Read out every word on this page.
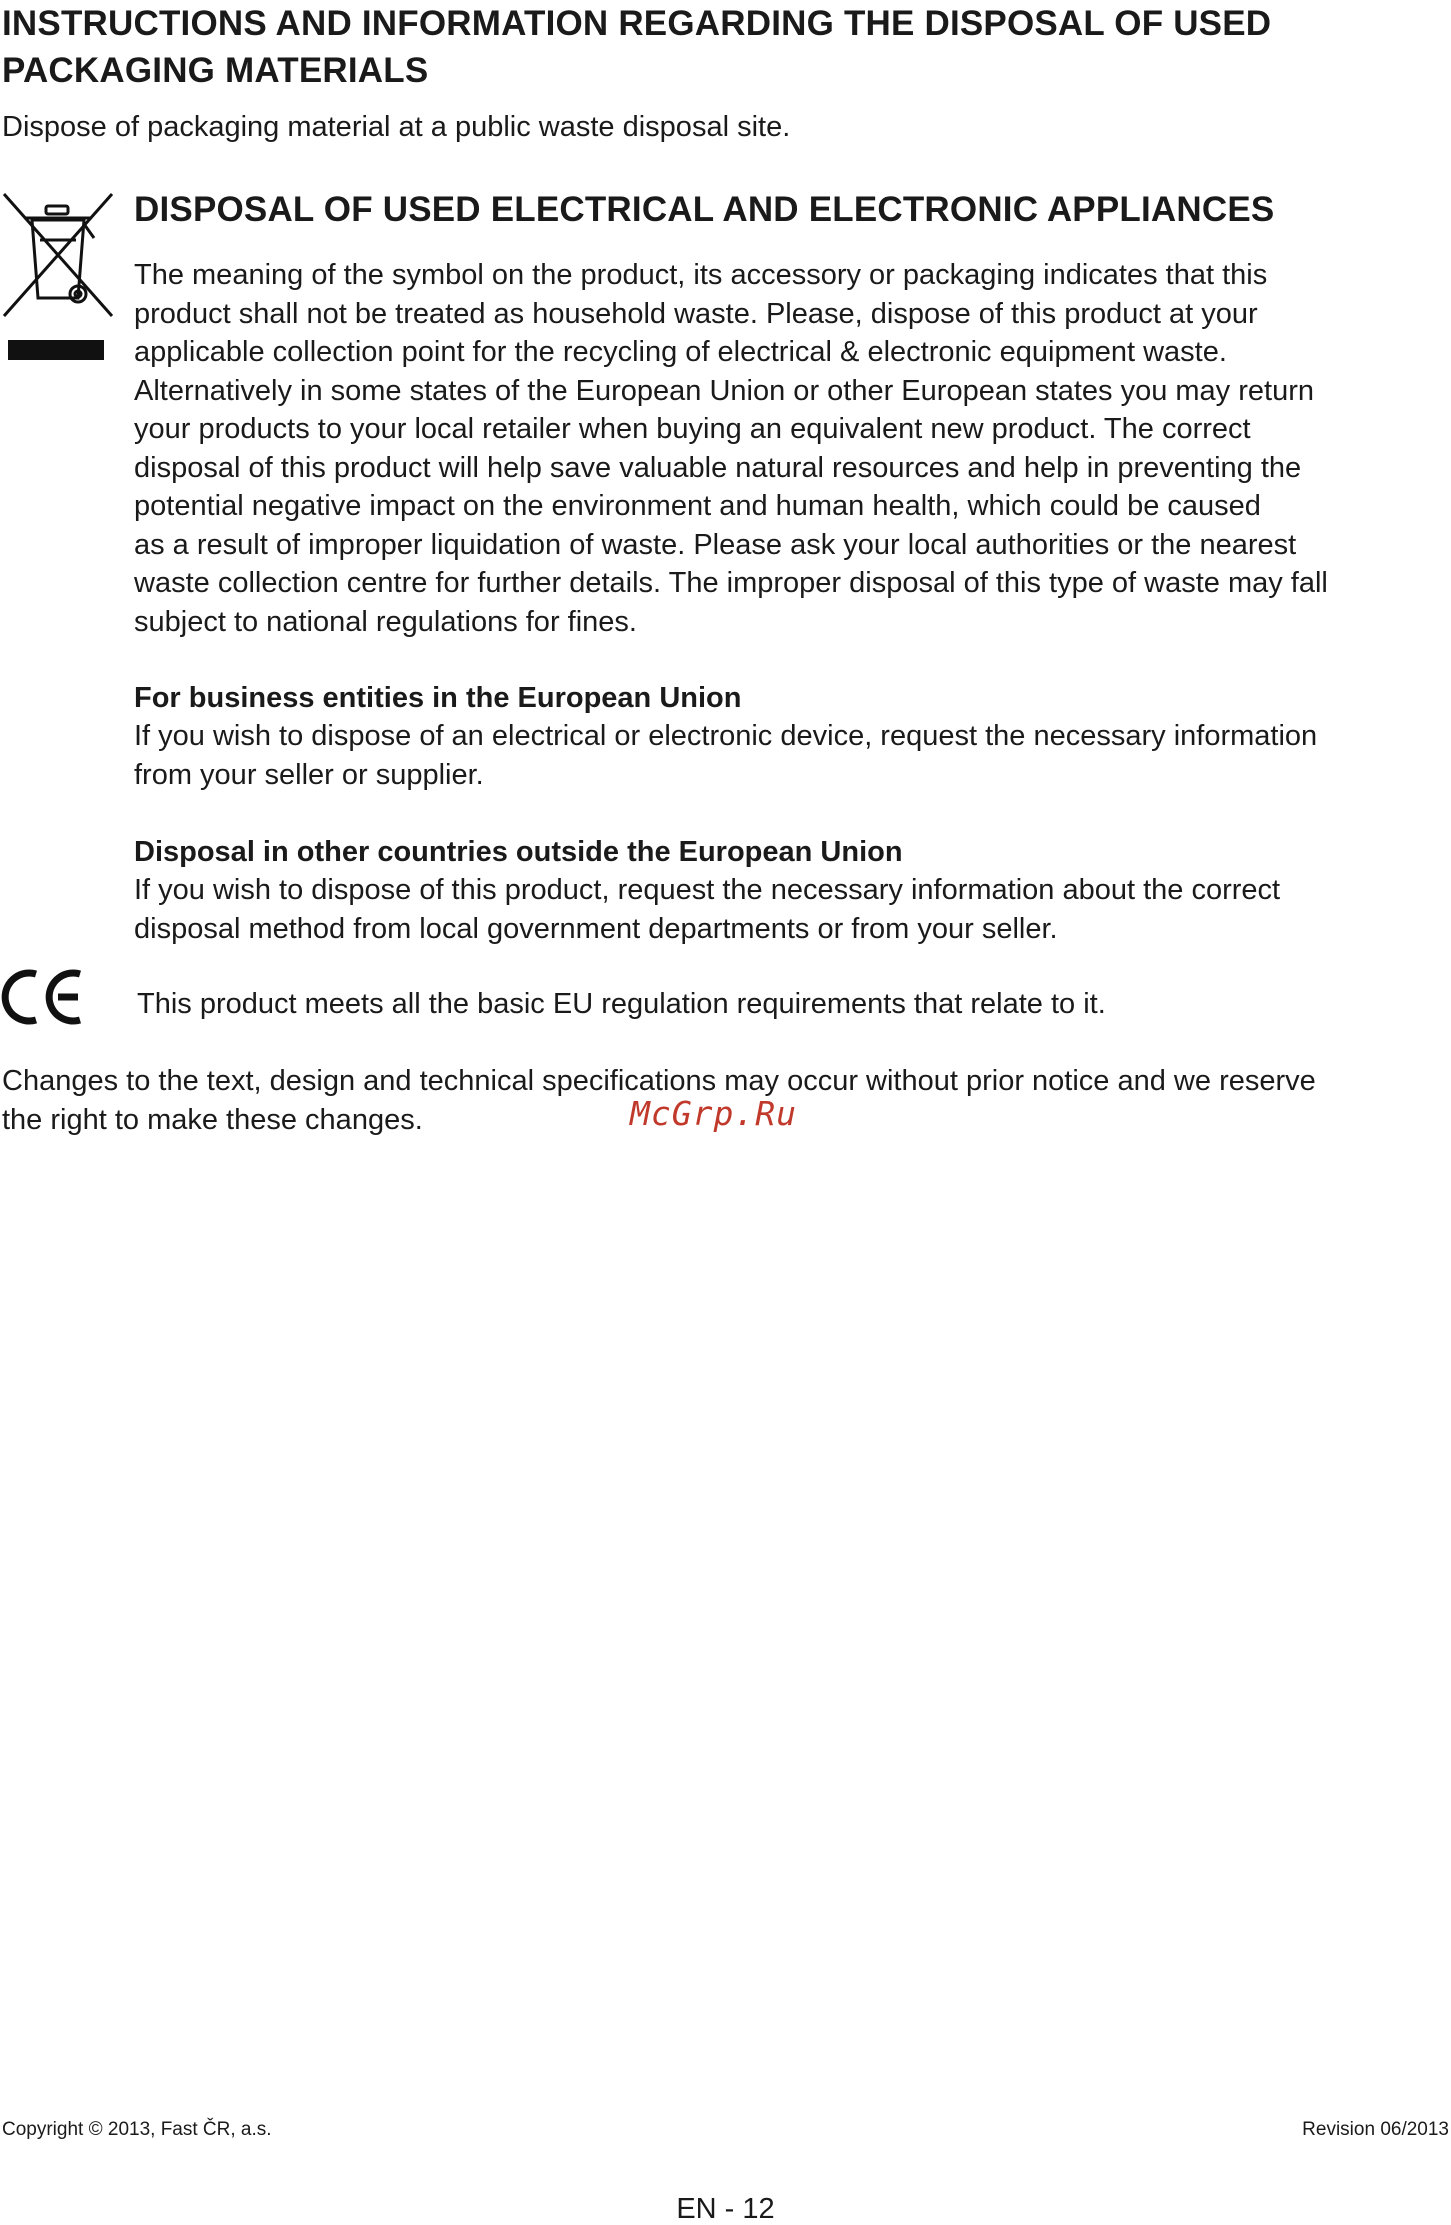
INSTRUCTIONS AND INFORMATION REGARDING THE DISPOSAL OF USED PACKAGING MATERIALS
Dispose of packaging material at a public waste disposal site.
DISPOSAL OF USED ELECTRICAL AND ELECTRONIC APPLIANCES
The meaning of the symbol on the product, its accessory or packaging indicates that this
product shall not be treated as household waste. Please, dispose of this product at your
applicable collection point for the recycling of electrical & electronic equipment waste.
Alternatively in some states of the European Union or other European states you may return
your products to your local retailer when buying an equivalent new product. The correct
disposal of this product will help save valuable natural resources and help in preventing the
potential negative impact on the environment and human health, which could be caused
as a result of improper liquidation of waste. Please ask your local authorities or the nearest
waste collection centre for further details. The improper disposal of this type of waste may fall
subject to national regulations for fines.
For business entities in the European Union
If you wish to dispose of an electrical or electronic device, request the necessary information
from your seller or supplier.
Disposal in other countries outside the European Union
If you wish to dispose of this product, request the necessary information about the correct
disposal method from local government departments or from your seller.
This product meets all the basic EU regulation requirements that relate to it.
Changes to the text, design and technical specifications may occur without prior notice and we reserve
the right to make these changes.	McGrp.Ru
Copyright © 2013, Fast ČR, a.s.	Revision 06/2013
EN - 12
